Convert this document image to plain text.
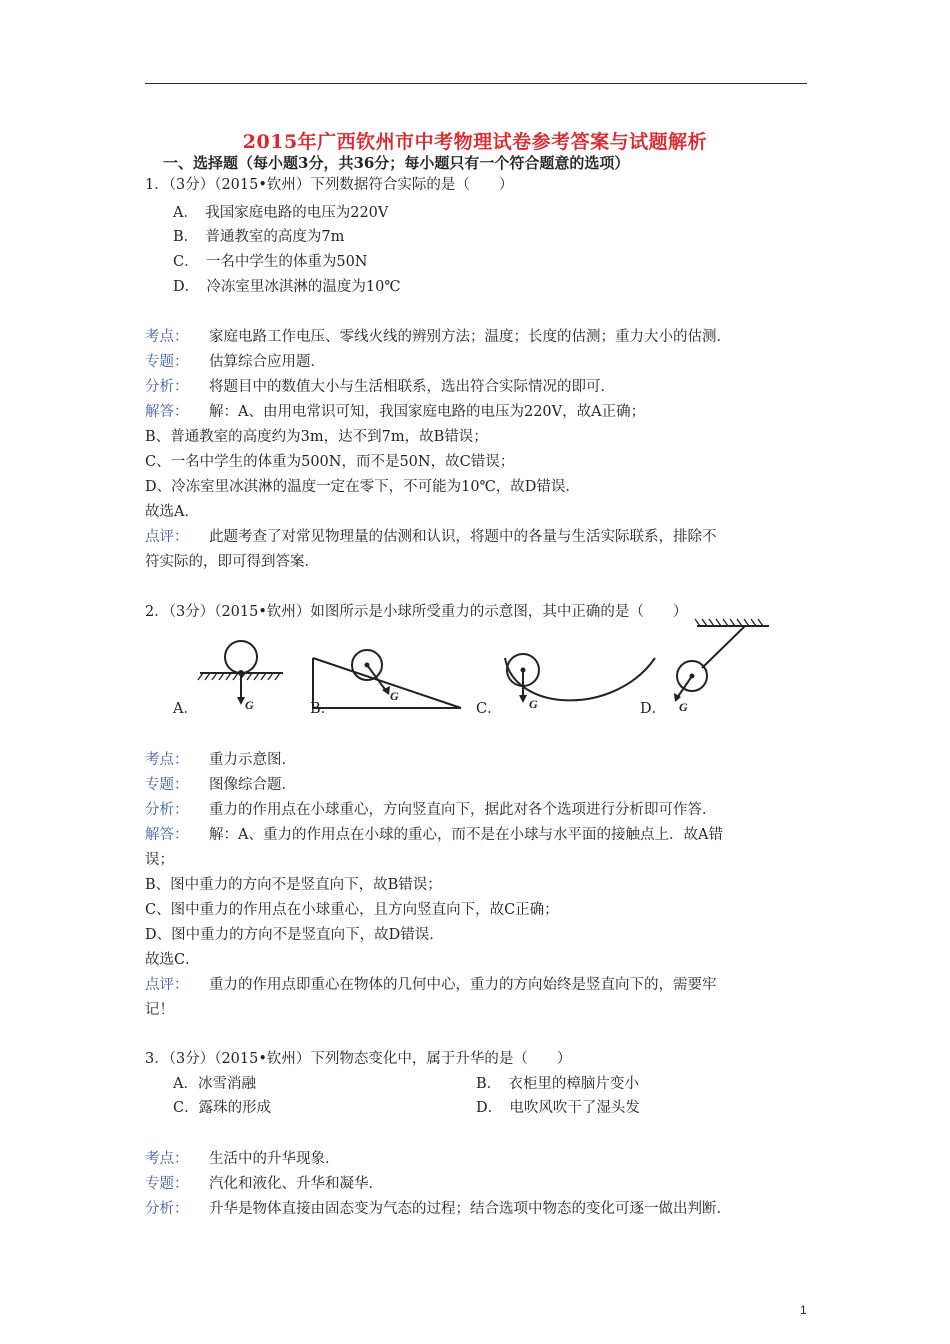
2015年广西钦州市中考物理试卷参考答案与试题解析
一、选择题（每小题3分，共36分；每小题只有一个符合题意的选项）
1．（3分）（2015•钦州）下列数据符合实际的是（　　）
A．　我国家庭电路的电压为220V
B．　普通教室的高度为7m
C．　一名中学生的体重为50N
D．　冷冻室里冰淇淋的温度为10℃
考点： 家庭电路工作电压、零线火线的辨别方法；温度；长度的估测；重力大小的估测．
专题： 估算综合应用题．
分析： 将题目中的数值大小与生活相联系，选出符合实际情况的即可．
解答： 解：A、由用电常识可知，我国家庭电路的电压为220V，故A正确；
B、普通教室的高度约为3m，达不到7m，故B错误；
C、一名中学生的体重为500N，而不是50N，故C错误；
D、冷冻室里冰淇淋的温度一定在零下，不可能为10℃，故D错误．
故选A．
点评： 此题考查了对常见物理量的估测和认识，将题中的各量与生活实际联系，排除不
符实际的，即可得到答案．
2．（3分）（2015•钦州）如图所示是小球所受重力的示意图，其中正确的是（　　）
G
G
G	G
A．	B．	C．	D．
考点： 重力示意图．
专题： 图像综合题．
分析： 重力的作用点在小球重心，方向竖直向下，据此对各个选项进行分析即可作答．
解答： 解：A、重力的作用点在小球的重心，而不是在小球与水平面的接触点上．故A错
误；
B、图中重力的方向不是竖直向下，故B错误；
C、图中重力的作用点在小球重心，且方向竖直向下，故C正确；
D、图中重力的方向不是竖直向下，故D错误．
故选C．
点评： 重力的作用点即重心在物体的几何中心，重力的方向始终是竖直向下的，需要牢
记！
3．（3分）（2015•钦州）下列物态变化中，属于升华的是（　　）
A．冰雪消融	B．　衣柜里的樟脑片变小
C．露珠的形成	D．　电吹风吹干了湿头发
考点： 生活中的升华现象．
专题： 汽化和液化、升华和凝华．
分析： 升华是物体直接由固态变为气态的过程；结合选项中物态的变化可逐一做出判断．
1
